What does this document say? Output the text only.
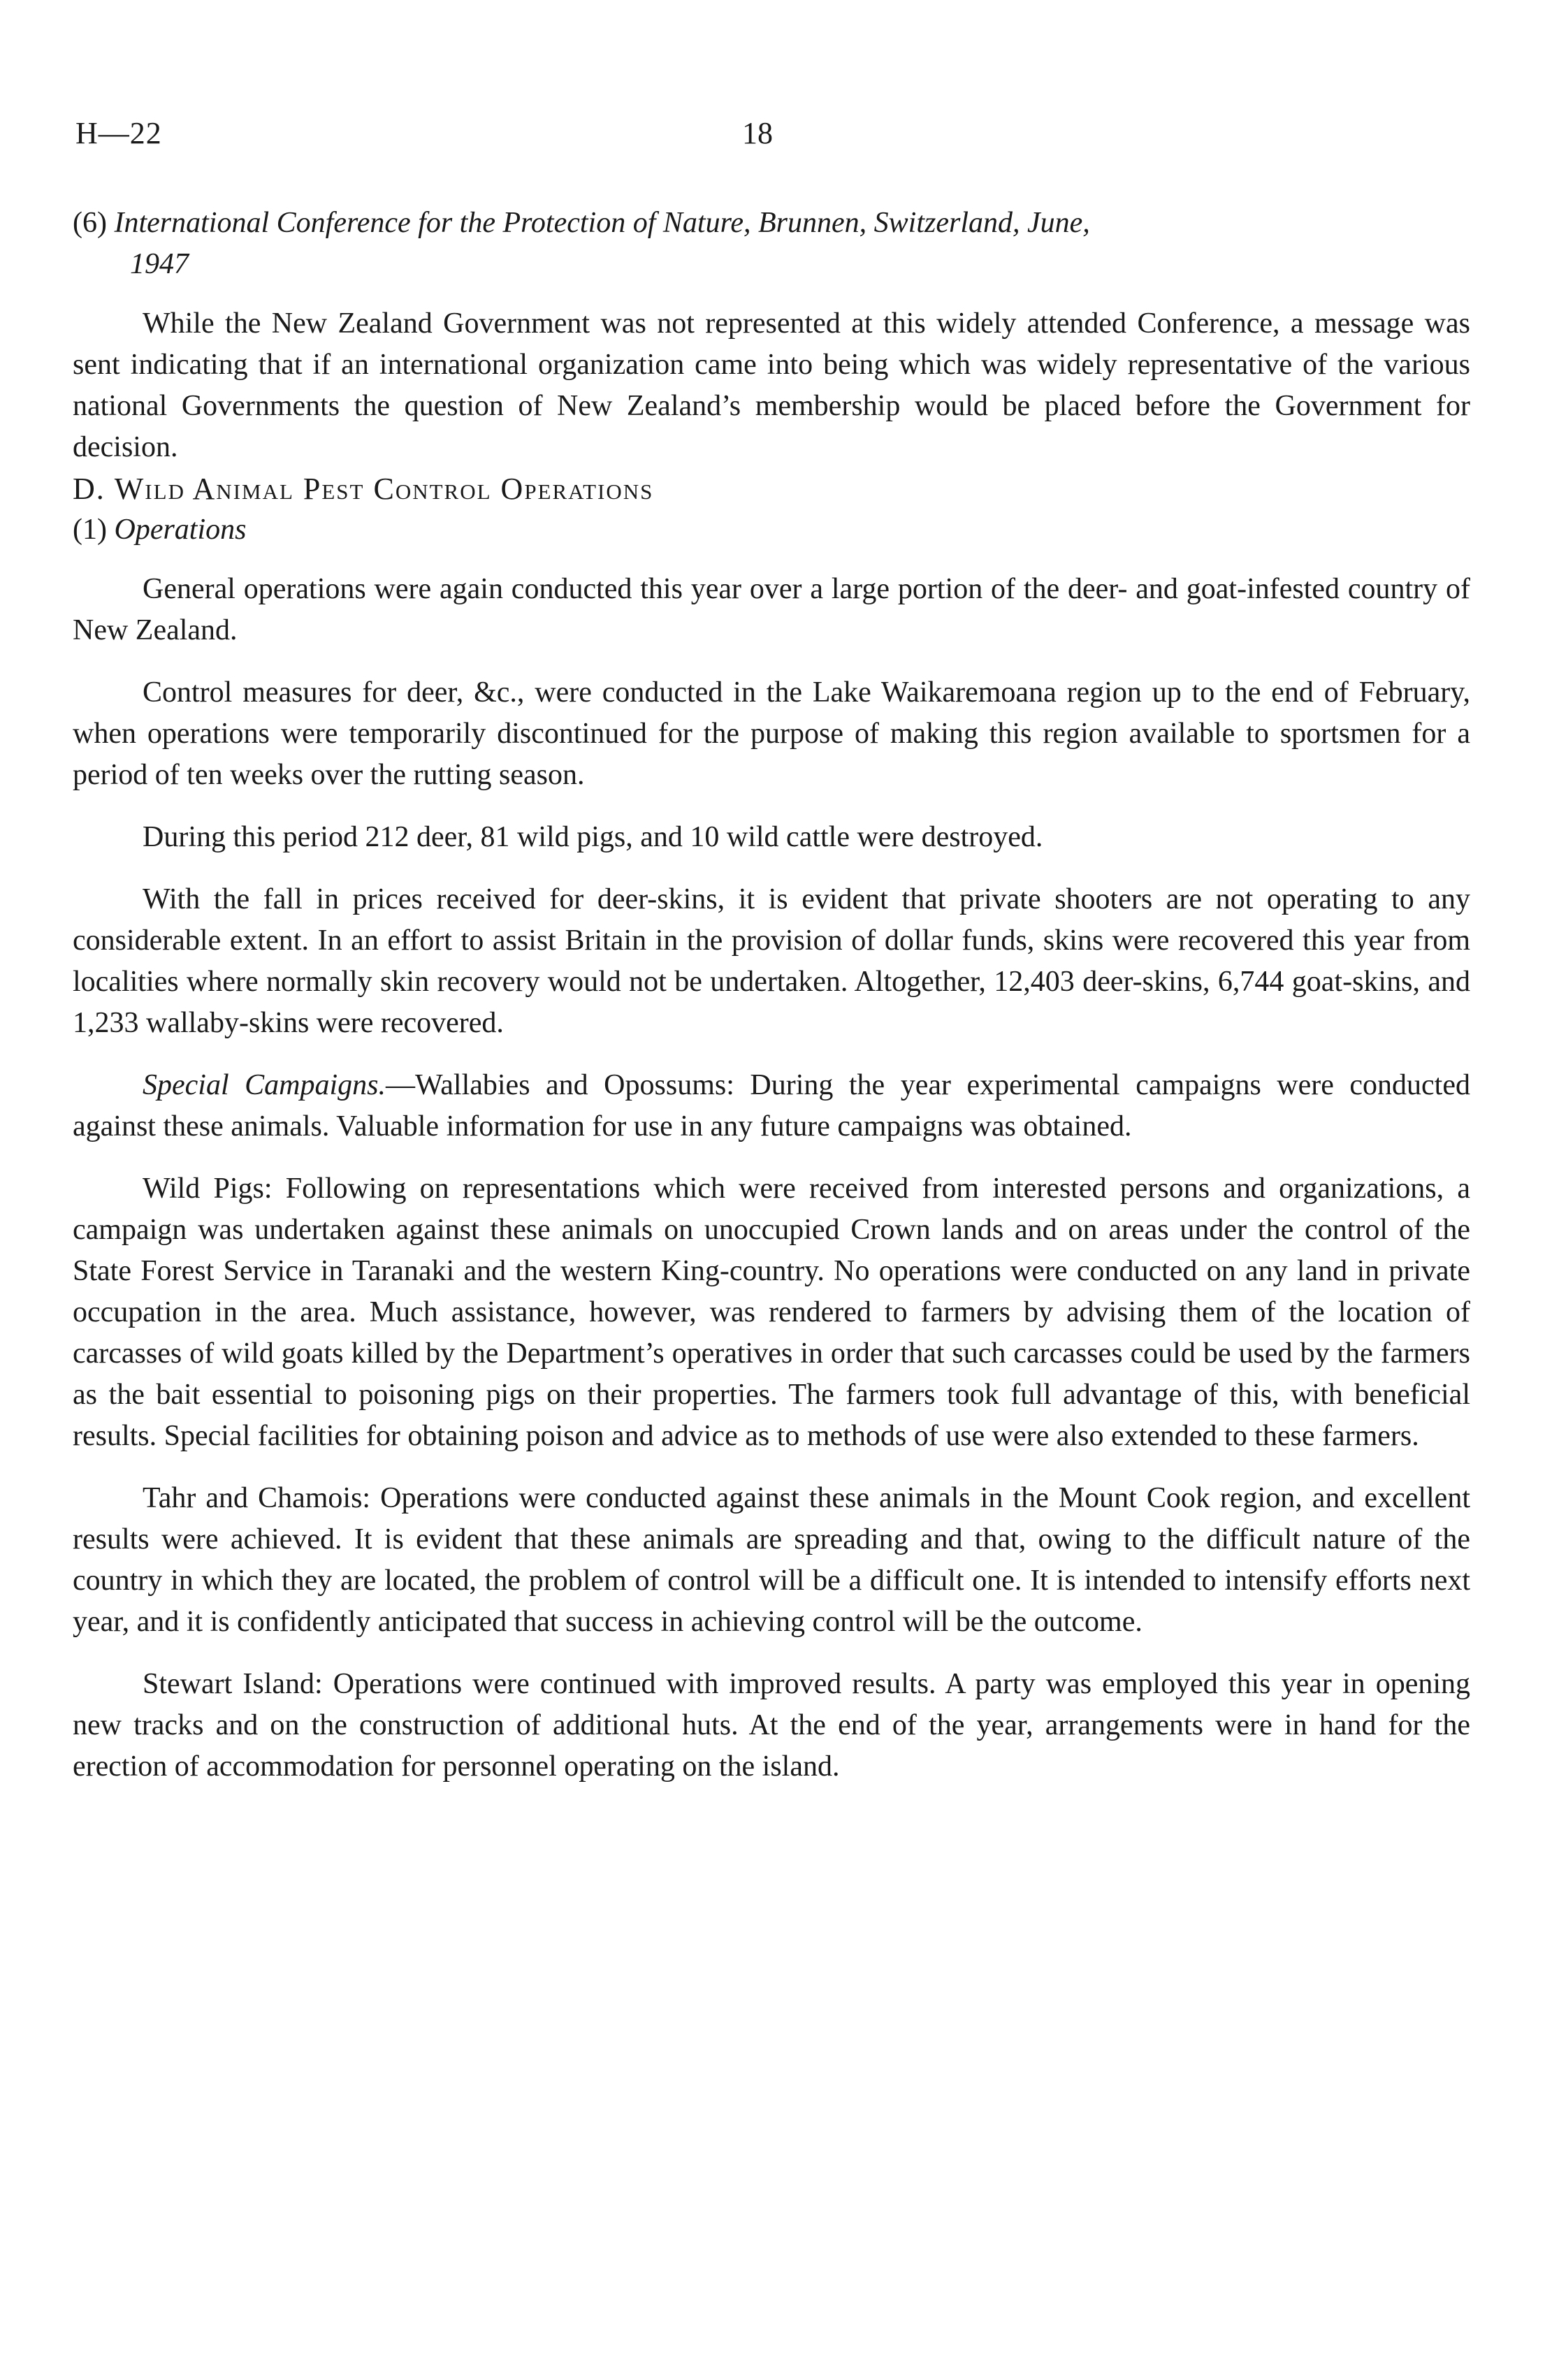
H—22	18
(6) International Conference for the Protection of Nature, Brunnen, Switzerland, June,
1947

While the New Zealand Government was not represented at this widely attended Conference, a message was sent indicating that if an international organization came into being which was widely representative of the various national Governments the question of New Zealand’s membership would be placed before the Government for decision.

D. Wild Animal Pest Control Operations
(1) Operations

General operations were again conducted this year over a large portion of the deer- and goat-infested country of New Zealand.

Control measures for deer, &c., were conducted in the Lake Waikaremoana region up to the end of February, when operations were temporarily discontinued for the purpose of making this region available to sportsmen for a period of ten weeks over the rutting season.

During this period 212 deer, 81 wild pigs, and 10 wild cattle were destroyed.

With the fall in prices received for deer-skins, it is evident that private shooters are not operating to any considerable extent. In an effort to assist Britain in the provision of dollar funds, skins were recovered this year from localities where normally skin recovery would not be undertaken. Altogether, 12,403 deer-skins, 6,744 goat-skins, and 1,233 wallaby-skins were recovered.

Special Campaigns.—Wallabies and Opossums: During the year experimental campaigns were conducted against these animals. Valuable information for use in any future campaigns was obtained.

Wild Pigs: Following on representations which were received from interested persons and organizations, a campaign was undertaken against these animals on unoccupied Crown lands and on areas under the control of the State Forest Service in Taranaki and the western King-country. No operations were conducted on any land in private occupation in the area. Much assistance, however, was rendered to farmers by advising them of the location of carcasses of wild goats killed by the Department’s operatives in order that such carcasses could be used by the farmers as the bait essential to poisoning pigs on their properties. The farmers took full advantage of this, with beneficial results. Special facilities for obtaining poison and advice as to methods of use were also extended to these farmers.

Tahr and Chamois: Operations were conducted against these animals in the Mount Cook region, and excellent results were achieved. It is evident that these animals are spreading and that, owing to the difficult nature of the country in which they are located, the problem of control will be a difficult one. It is intended to intensify efforts next year, and it is confidently anticipated that success in achieving control will be the outcome.

Stewart Island: Operations were continued with improved results. A party was employed this year in opening new tracks and on the construction of additional huts. At the end of the year, arrangements were in hand for the erection of accommodation for personnel operating on the island.
